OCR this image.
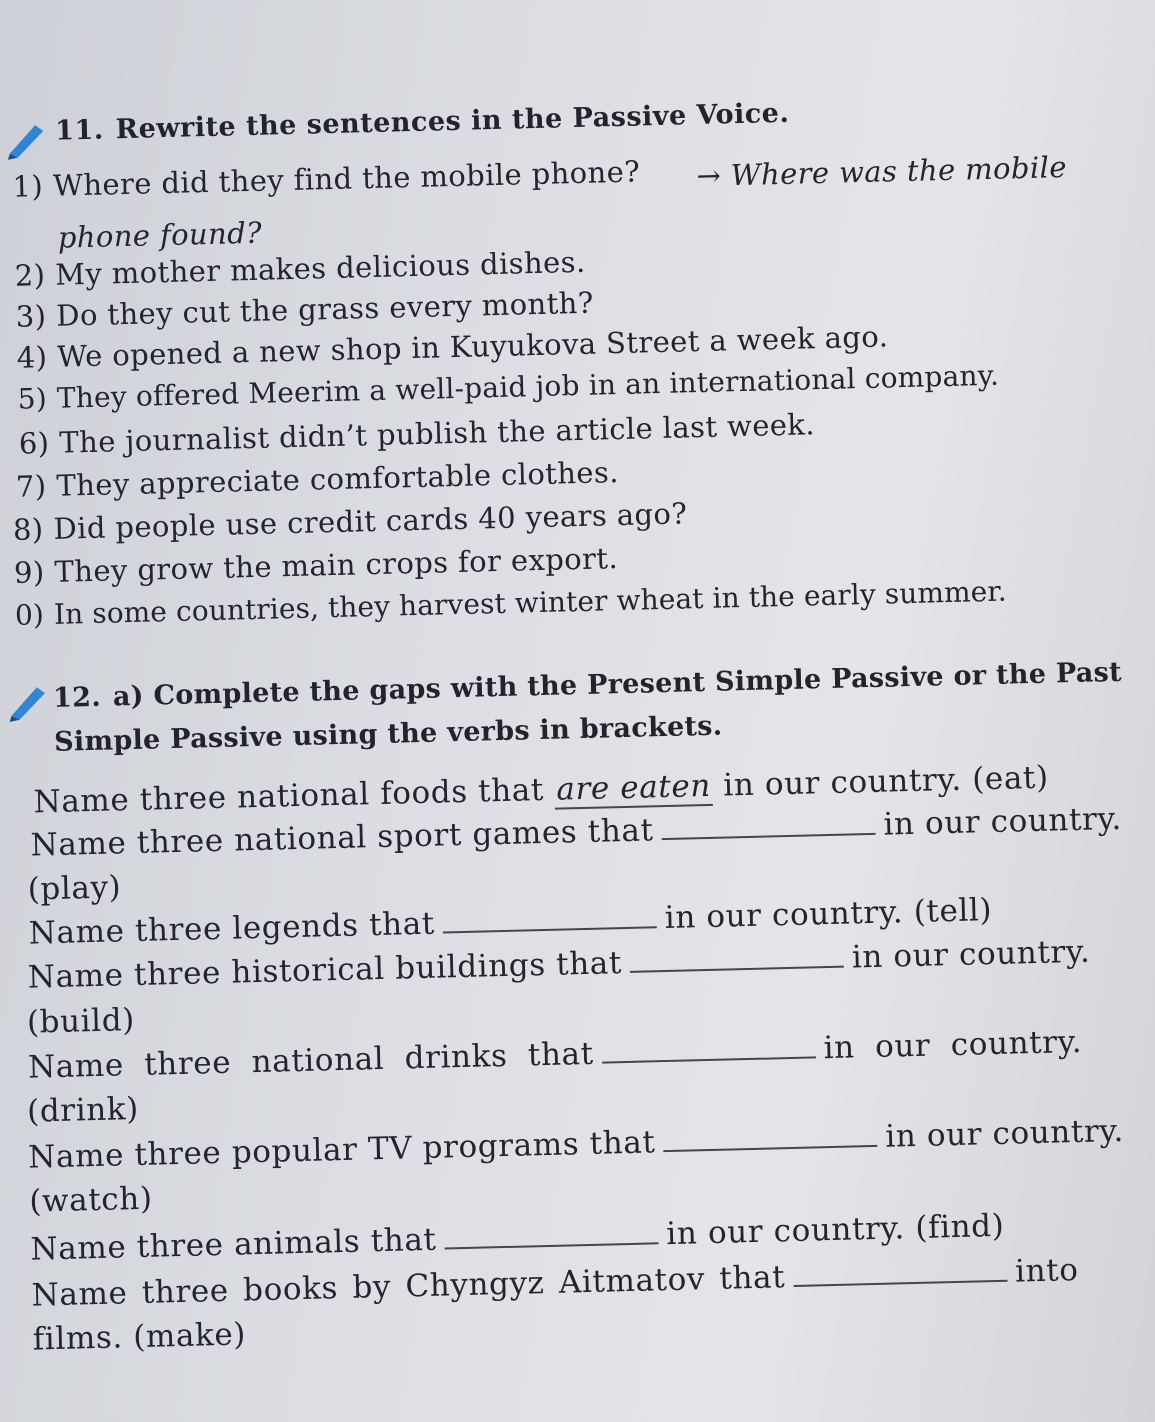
11. Rewrite the sentences in the Passive Voice.
1) Where did they find the mobile phone?	→ Where was the mobile phone found?
2) My mother makes delicious dishes.
3) Do they cut the grass every month?
4) We opened a new shop in Kuyukova Street a week ago.
5) They offered Meerim a well-paid job in an international company.
6) The journalist didn’t publish the article last week.
7) They appreciate comfortable clothes.
8) Did people use credit cards 40 years ago?
9) They grow the main crops for export.
0) In some countries, they harvest winter wheat in the early summer.
12. a) Complete the gaps with the Present Simple Passive or the Past
Simple Passive using the verbs in brackets.
Name three national foods that are eaten in our country. (eat)
Name three national sport games that	in our country.
(play)
Name three legends that	in our country. (tell)
Name three historical buildings that	in our country.
(build)
Name three national drinks that	in our country.
(drink)
Name three popular TV programs that	in our country.
(watch)
Name three animals that	in our country. (find)
Name three books by Chyngyz Aitmatov that	into
films. (make)
